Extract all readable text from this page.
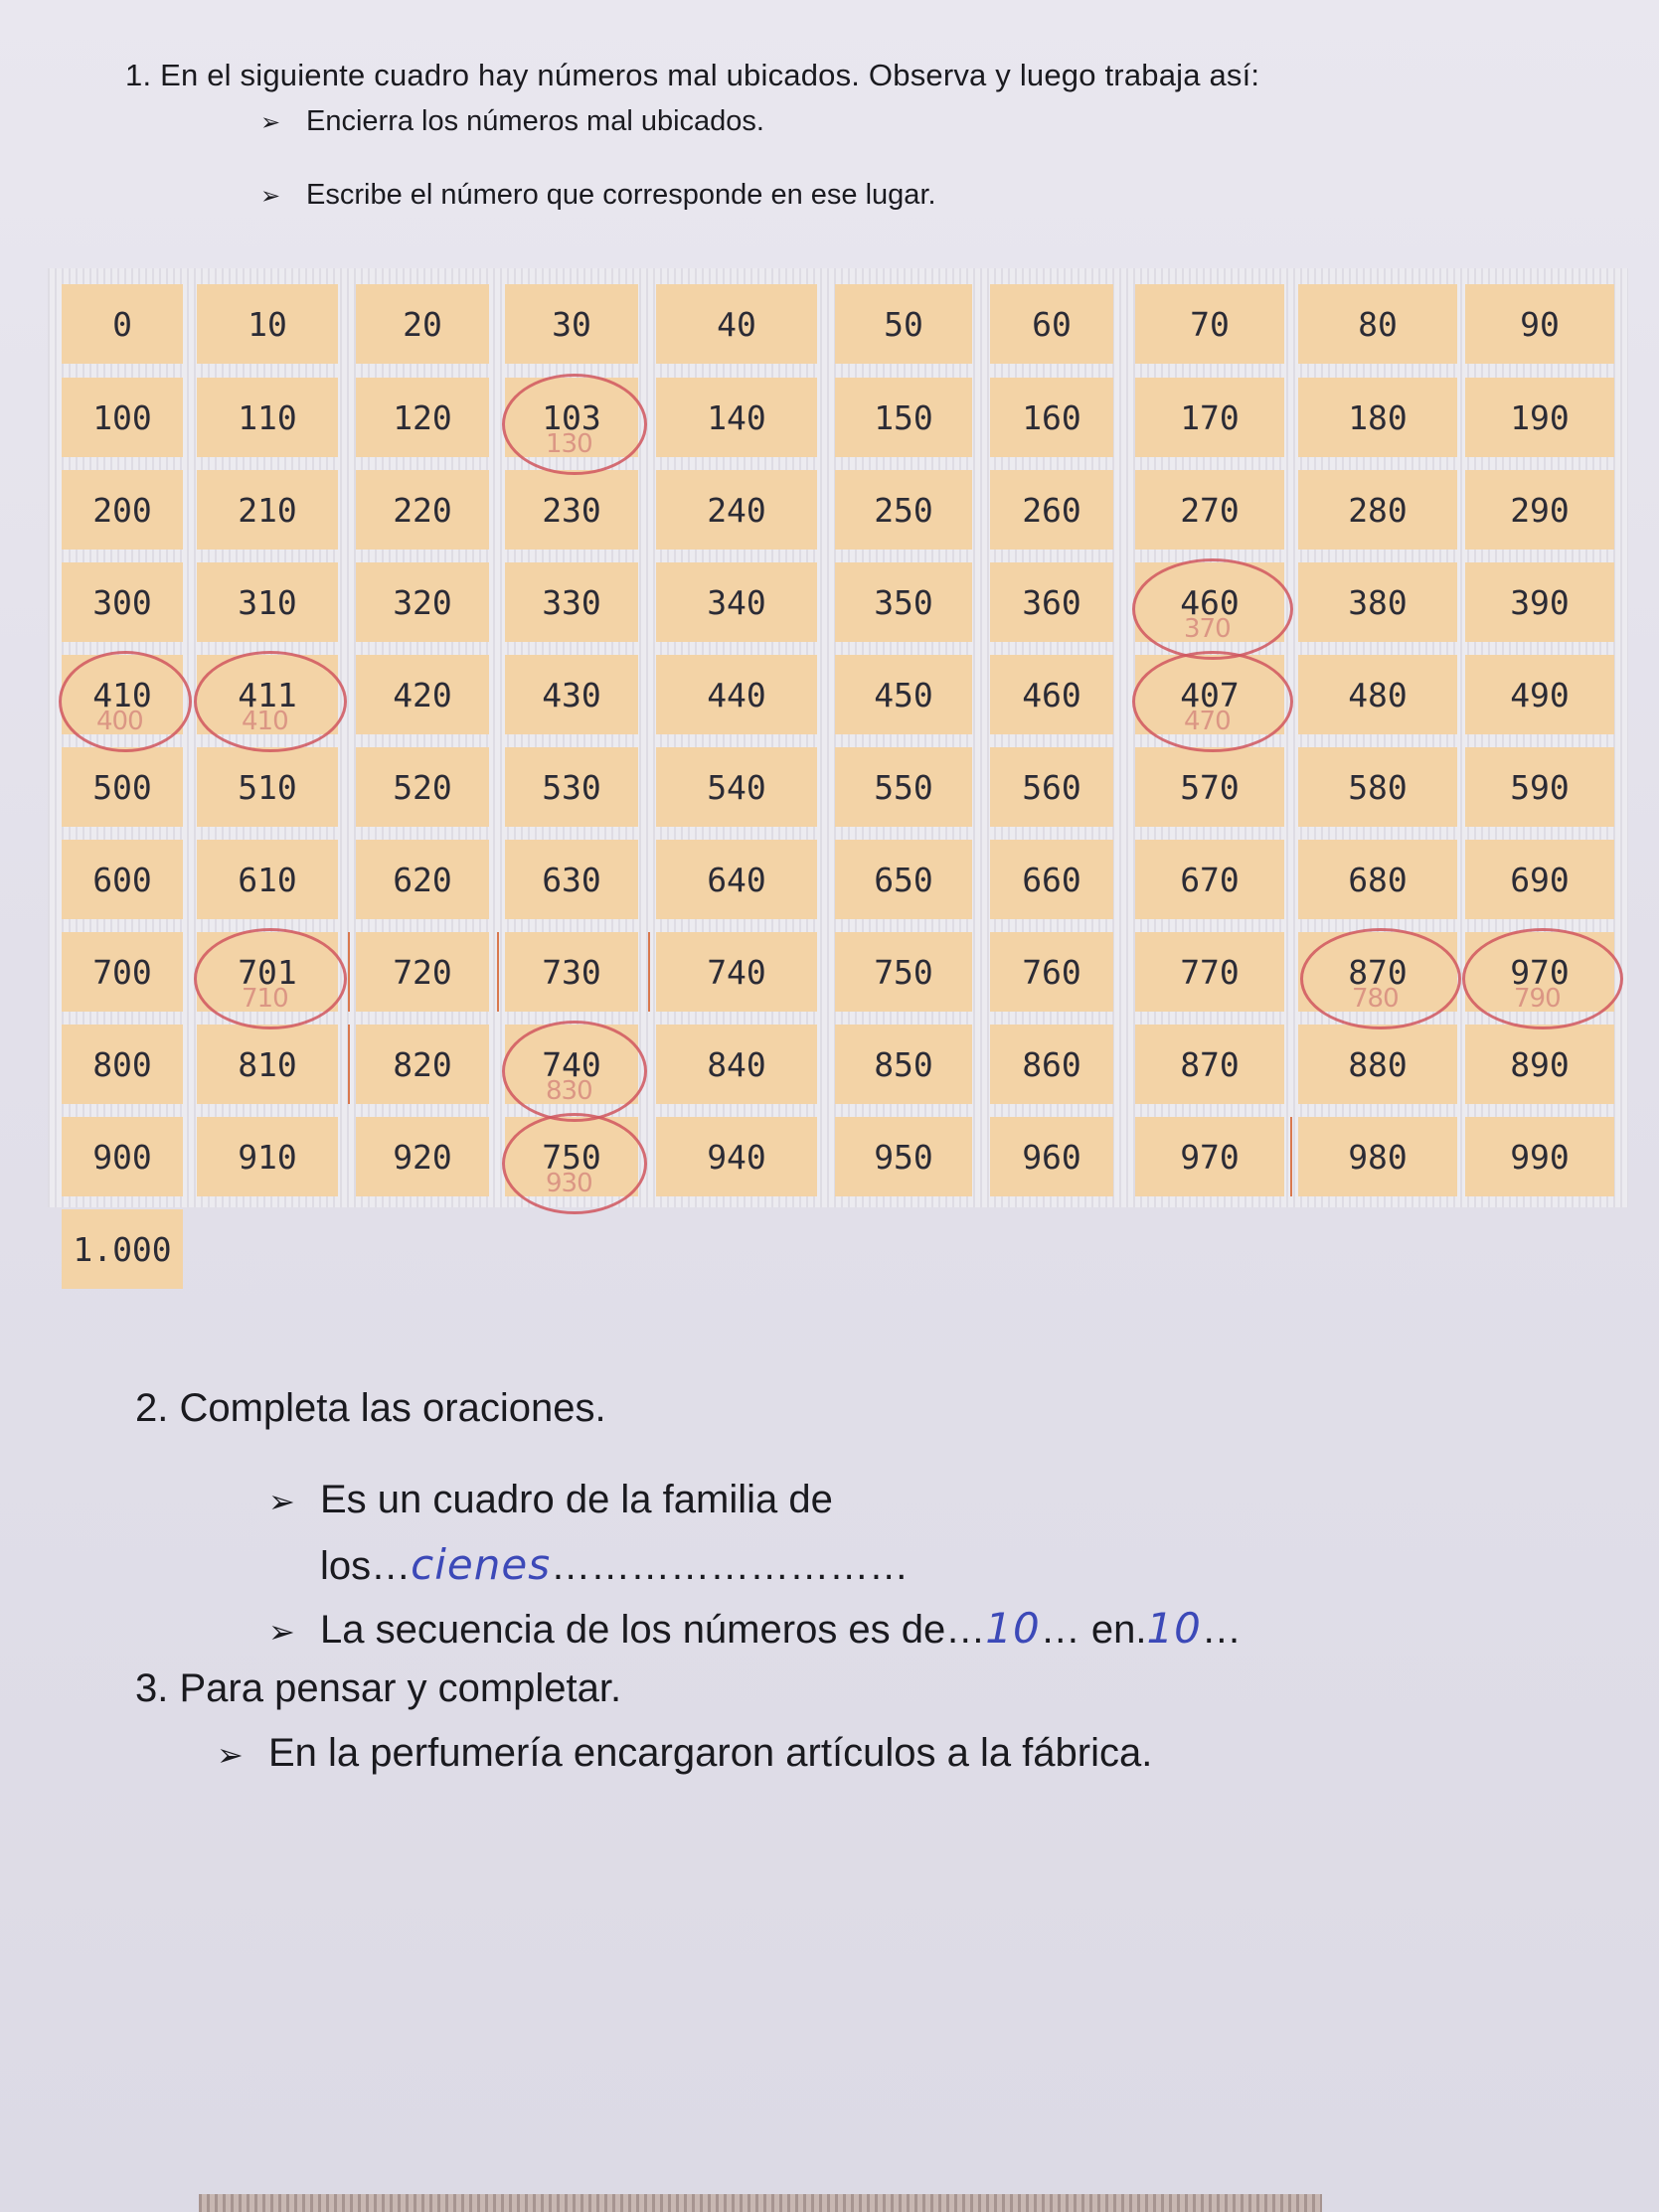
1. En el siguiente cuadro hay números mal ubicados. Observa y luego trabaja así:
➢ Encierra los números mal ubicados.
➢ Escribe el número que corresponde en ese lugar.
0	10	20	30	40	50	60	70	80	90
100	110	120	103	140	150	160	170	180	190
200	210	220	230	240	250	260	270	280	290
300	310	320	330	340	350	360	460	380	390
410	411	420	430	440	450	460	407	480	490
500	510	520	530	540	550	560	570	580	590
600	610	620	630	640	650	660	670	680	690
700	701	720	730	740	750	760	770	870	970
800	810	820	740	840	850	860	870	880	890
900	910	920	750	940	950	960	970	980	990
1.000
130
370
400	410	470
710	780	790
830
930
2. Completa las oraciones.
➢ Es un cuadro de la familia de
los…cienes………………………
➢ La secuencia de los números es de…10… en.10…
3. Para pensar y completar.
➢ En la perfumería encargaron artículos a la fábrica.
